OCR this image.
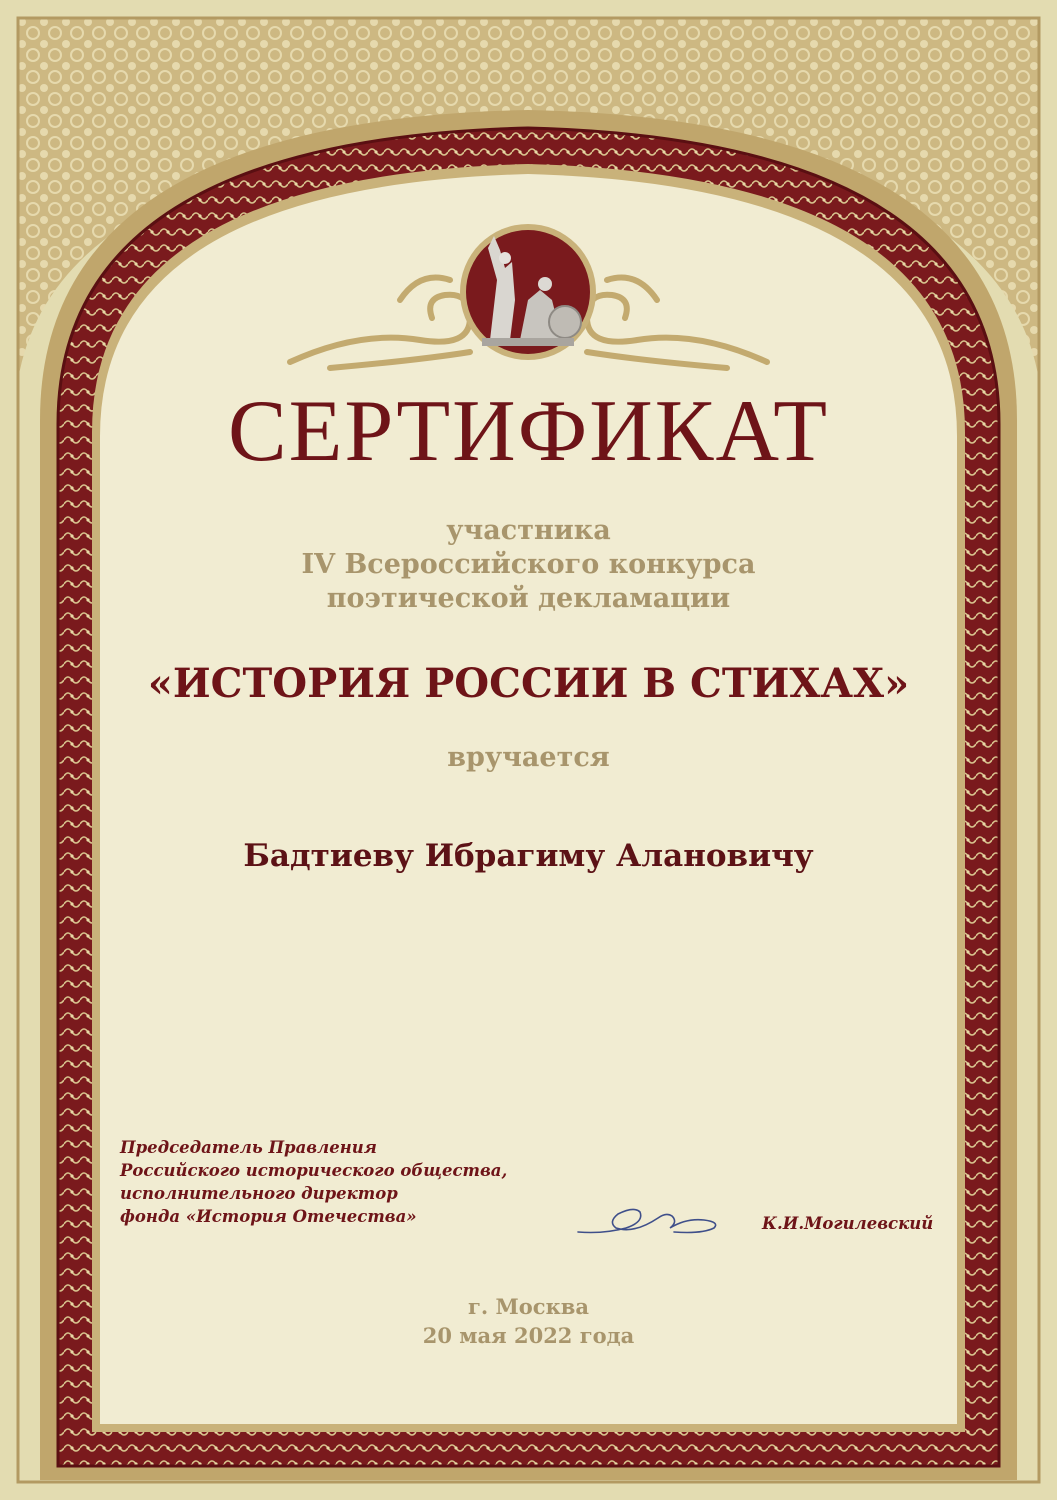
СЕРТИФИКАТ
участника
IV Всероссийского конкурса
поэтической декламации
«ИСТОРИЯ РОССИИ В СТИХАХ»
вручается
Бадтиеву Ибрагиму Алановичу
Председатель Правления
Российского исторического общества,
исполнительного директор
фонда «История Отечества»	К.И.Могилевский
г. Москва
20 мая 2022 года
